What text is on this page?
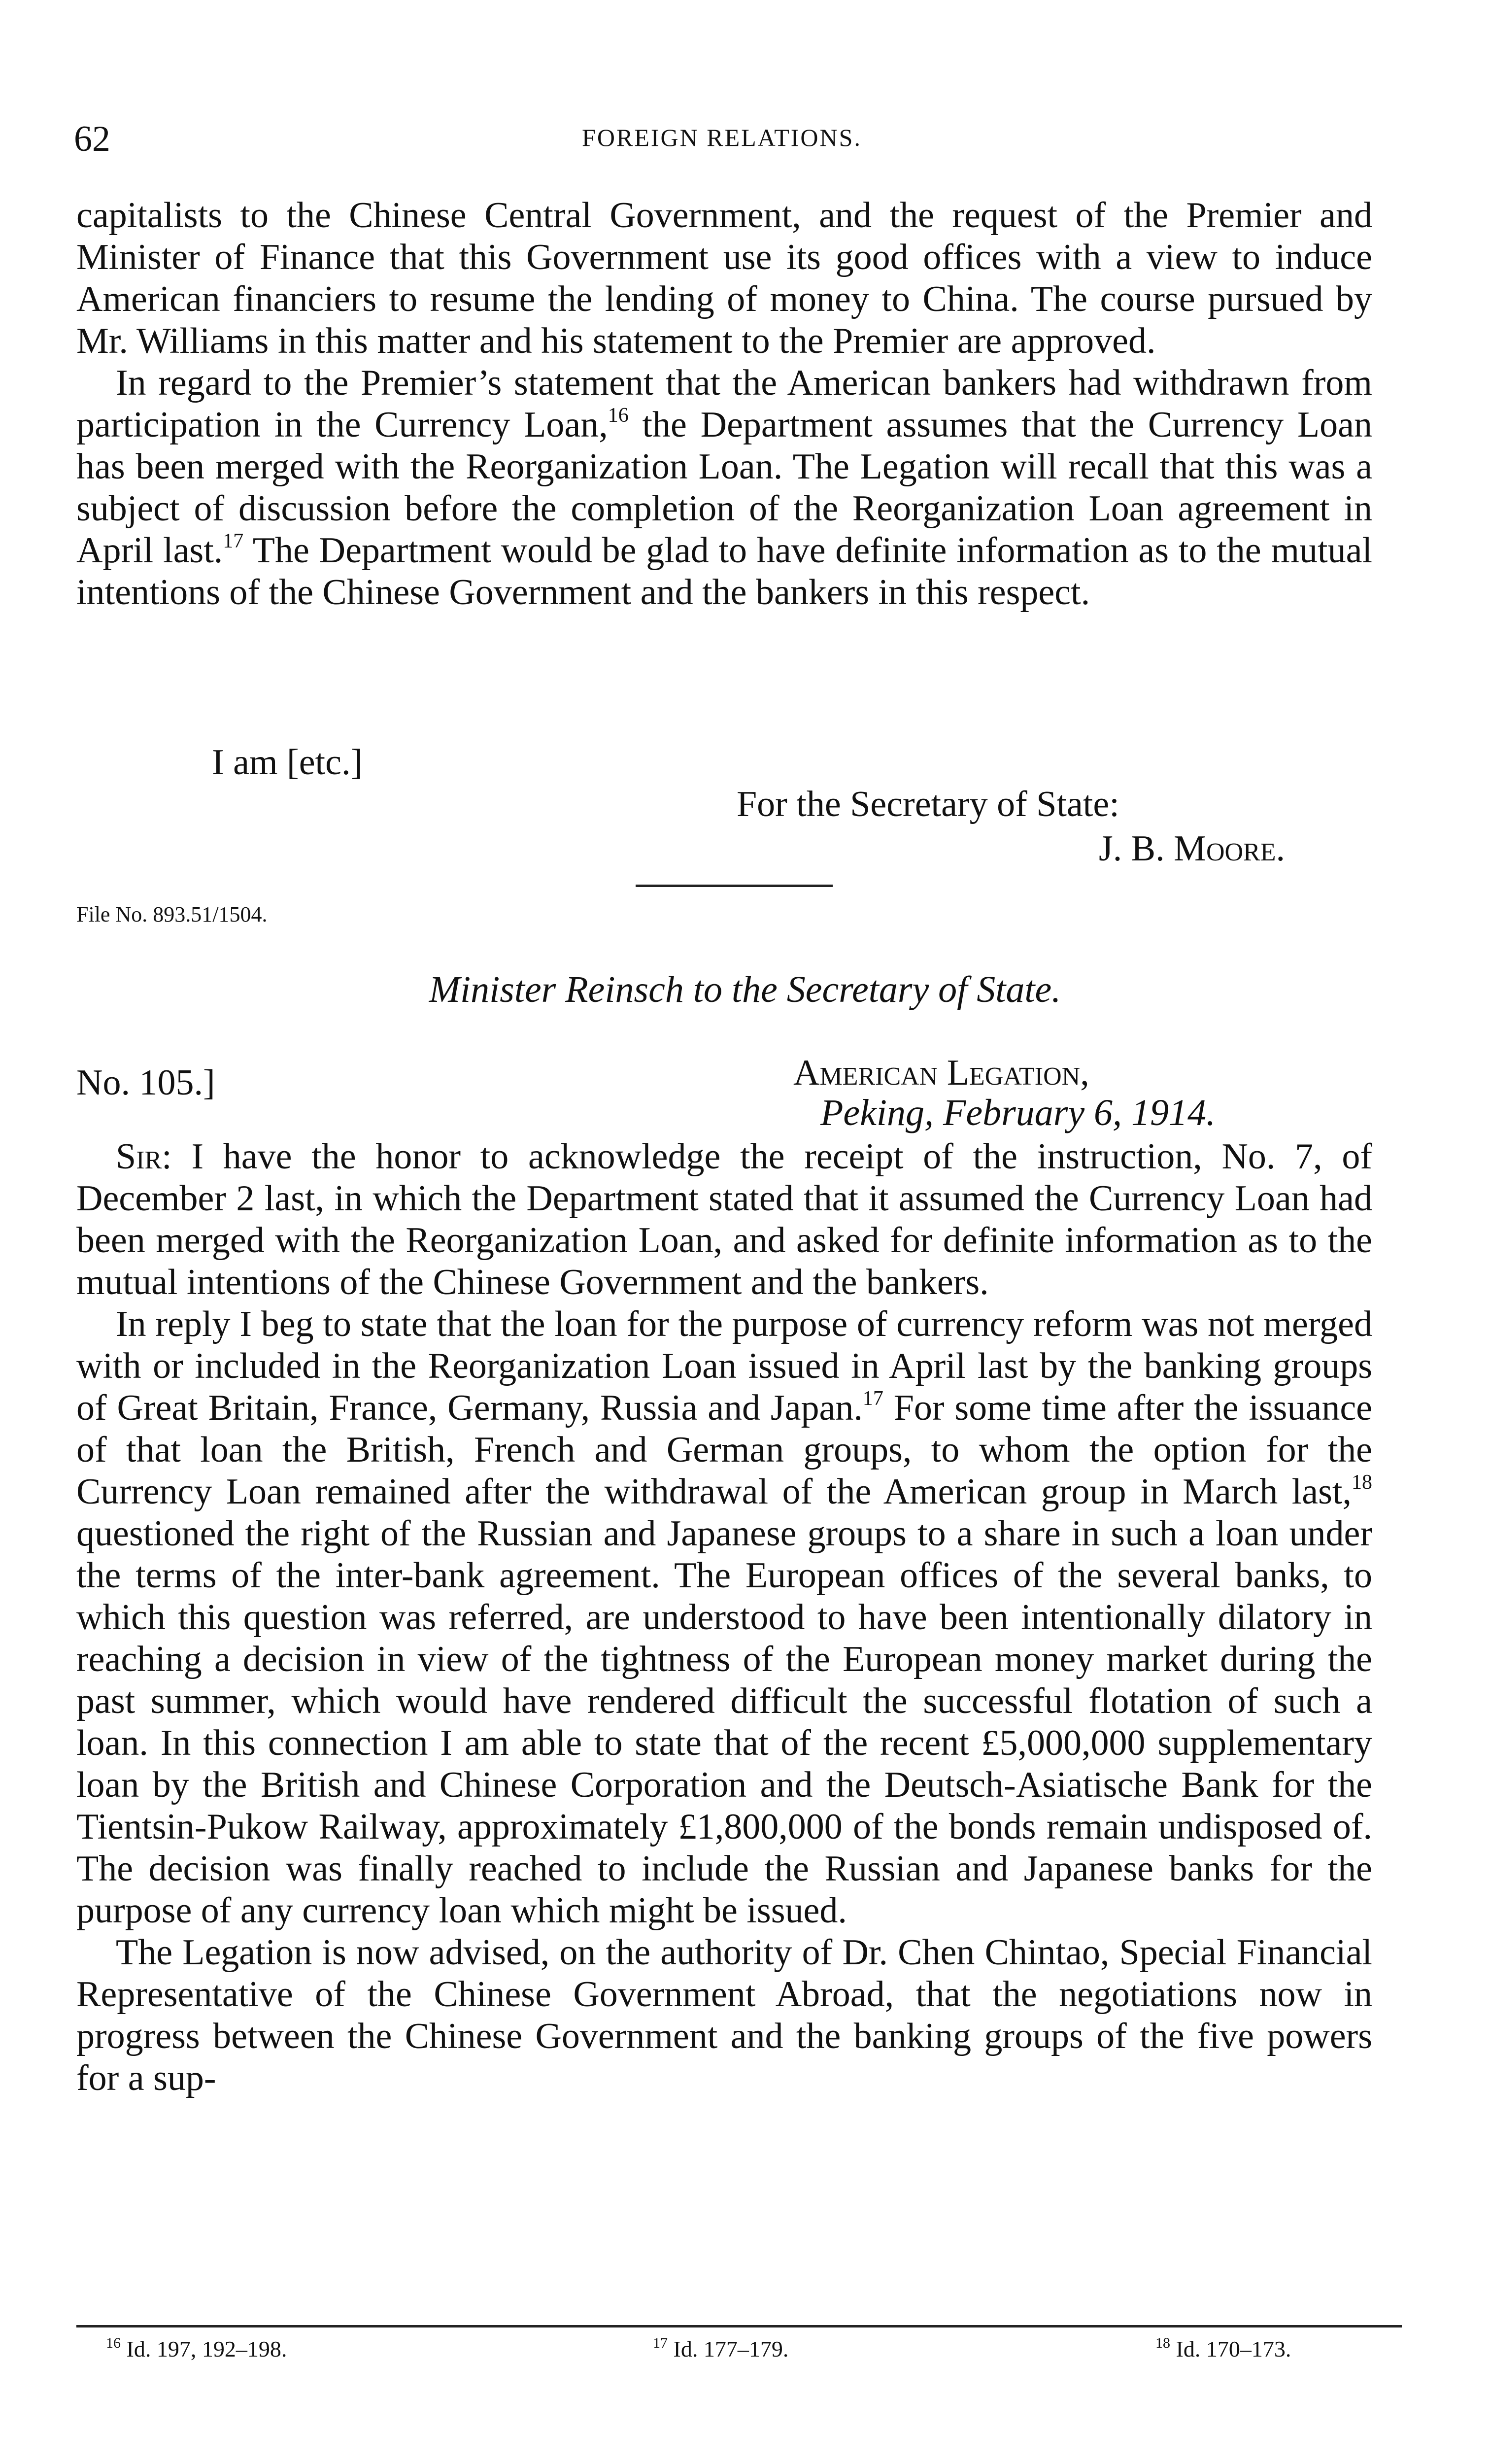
62	FOREIGN RELATIONS.

capitalists to the Chinese Central Government, and the request of the Premier and Minister of Finance that this Government use its good offices with a view to induce American financiers to resume the lending of money to China. The course pursued by Mr. Williams in this matter and his statement to the Premier are approved.

In regard to the Premier’s statement that the American bankers had withdrawn from participation in the Currency Loan,$^{16}$ the Department assumes that the Currency Loan has been merged with the Reorganization Loan. The Legation will recall that this was a subject of discussion before the completion of the Reorganization Loan agreement in April last.$^{17}$ The Department would be glad to have definite information as to the mutual intentions of the Chinese Government and the bankers in this respect.

I am [etc.]
For the Secretary of State:
J. B. Moore.
File No. 893.51/1504.
Minister Reinsch to the Secretary of State.
No. 105.]	American Legation,
Peking, February 6, 1914.

Sir: I have the honor to acknowledge the receipt of the instruction, No. 7, of December 2 last, in which the Department stated that it assumed the Currency Loan had been merged with the Reorganization Loan, and asked for definite information as to the mutual intentions of the Chinese Government and the bankers.

In reply I beg to state that the loan for the purpose of currency reform was not merged with or included in the Reorganization Loan issued in April last by the banking groups of Great Britain, France, Germany, Russia and Japan.$^{17}$ For some time after the issuance of that loan the British, French and German groups, to whom the option for the Currency Loan remained after the withdrawal of the American group in March last,$^{18}$ questioned the right of the Russian and Japanese groups to a share in such a loan under the terms of the inter-bank agreement. The European offices of the several banks, to which this question was referred, are understood to have been intentionally dilatory in reaching a decision in view of the tightness of the European money market during the past summer, which would have rendered difficult the successful flotation of such a loan. In this connection I am able to state that of the recent £5,000,000 supplementary loan by the British and Chinese Corporation and the Deutsch-Asiatische Bank for the Tientsin-Pukow Railway, approximately £1,800,000 of the bonds remain undisposed of. The decision was finally reached to include the Russian and Japanese banks for the purpose of any currency loan which might be issued.

The Legation is now advised, on the authority of Dr. Chen Chintao, Special Financial Representative of the Chinese Government Abroad, that the negotiations now in progress between the Chinese Government and the banking groups of the five powers for a sup-

$^{16}$ Id. 197, 192–198.	$^{17}$ Id. 177–179.	$^{18}$ Id. 170–173.
